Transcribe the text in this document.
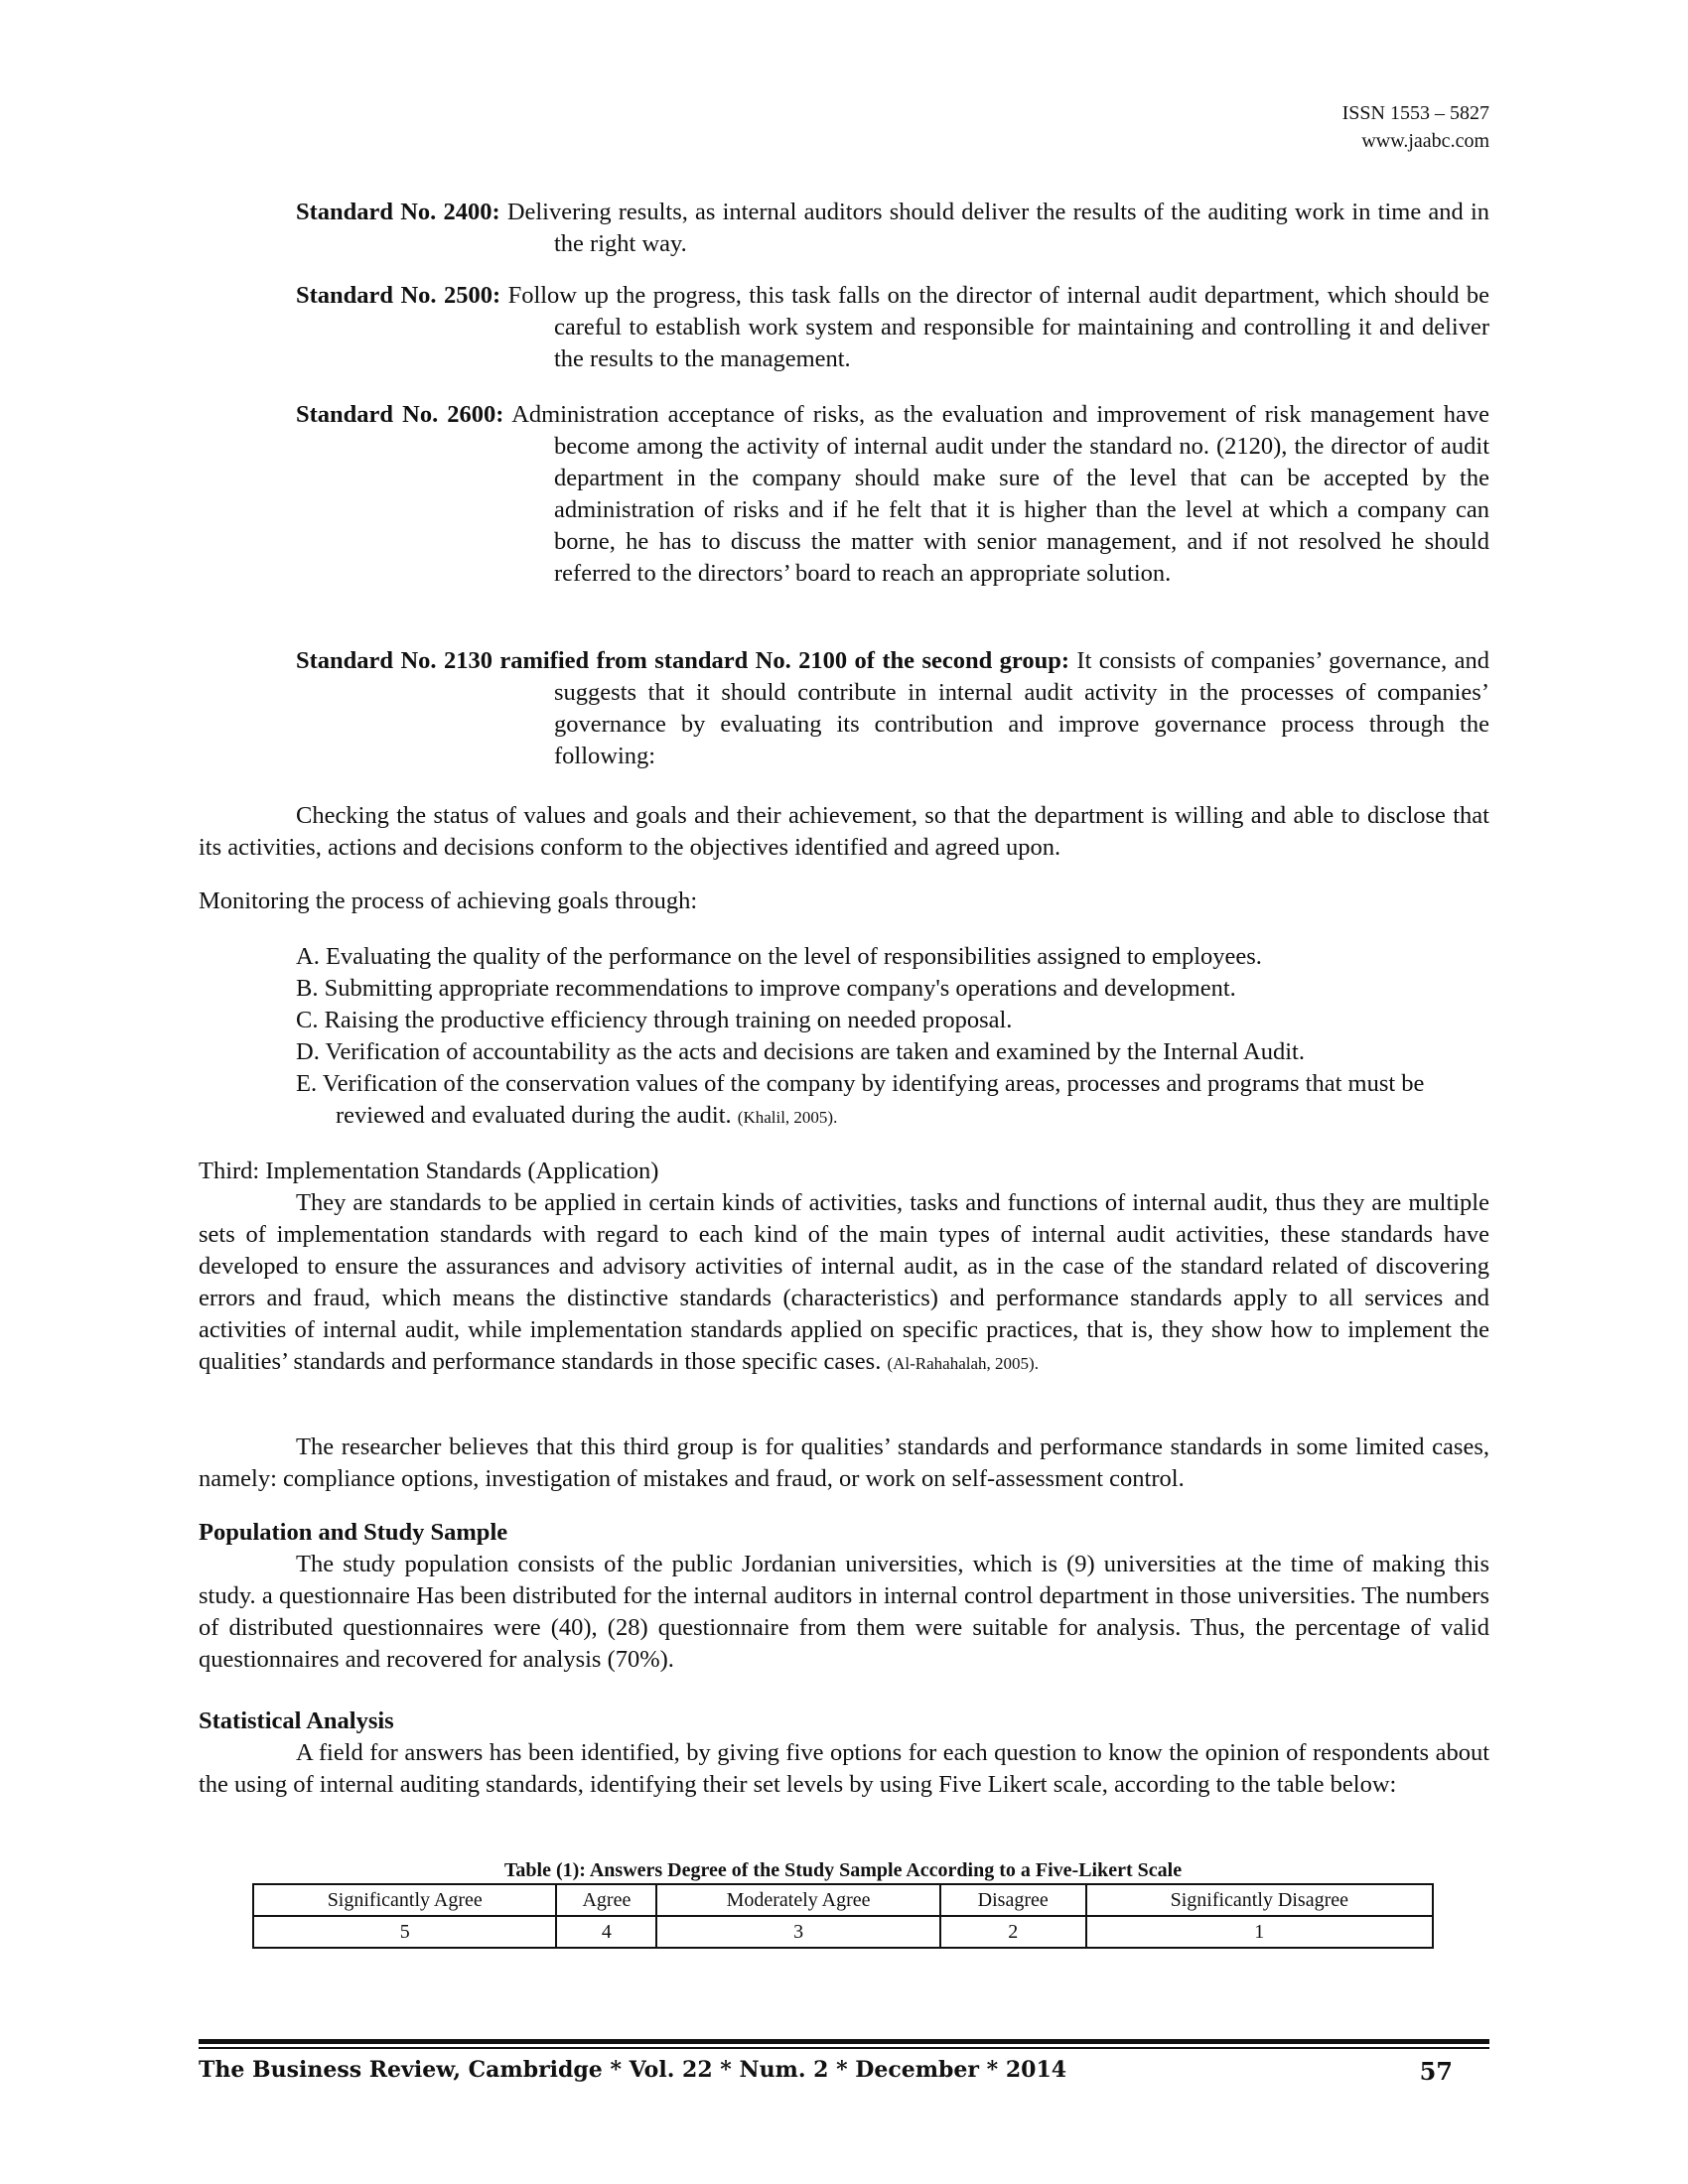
ISSN 1553 – 5827
www.jaabc.com
Standard No. 2400: Delivering results, as internal auditors should deliver the results of the auditing work in time and in the right way.
Standard No. 2500: Follow up the progress, this task falls on the director of internal audit department, which should be careful to establish work system and responsible for maintaining and controlling it and deliver the results to the management.
Standard No. 2600: Administration acceptance of risks, as the evaluation and improvement of risk management have become among the activity of internal audit under the standard no. (2120), the director of audit department in the company should make sure of the level that can be accepted by the administration of risks and if he felt that it is higher than the level at which a company can borne, he has to discuss the matter with senior management, and if not resolved he should referred to the directors’ board to reach an appropriate solution.
Standard No. 2130 ramified from standard No. 2100 of the second group: It consists of companies’ governance, and suggests that it should contribute in internal audit activity in the processes of companies’ governance by evaluating its contribution and improve governance process through the following:
Checking the status of values and goals and their achievement, so that the department is willing and able to disclose that its activities, actions and decisions conform to the objectives identified and agreed upon.
Monitoring the process of achieving goals through:
A. Evaluating the quality of the performance on the level of responsibilities assigned to employees.
B. Submitting appropriate recommendations to improve company's operations and development.
C. Raising the productive efficiency through training on needed proposal.
D. Verification of accountability as the acts and decisions are taken and examined by the Internal Audit.
E. Verification of the conservation values of the company by identifying areas, processes and programs that must be reviewed and evaluated during the audit. (Khalil, 2005).
Third: Implementation Standards (Application)
They are standards to be applied in certain kinds of activities, tasks and functions of internal audit, thus they are multiple sets of implementation standards with regard to each kind of the main types of internal audit activities, these standards have developed to ensure the assurances and advisory activities of internal audit, as in the case of the standard related of discovering errors and fraud, which means the distinctive standards (characteristics) and performance standards apply to all services and activities of internal audit, while implementation standards applied on specific practices, that is, they show how to implement the qualities’ standards and performance standards in those specific cases. (Al-Rahahalah, 2005).
The researcher believes that this third group is for qualities’ standards and performance standards in some limited cases, namely: compliance options, investigation of mistakes and fraud, or work on self-assessment control.
Population and Study Sample
The study population consists of the public Jordanian universities, which is (9) universities at the time of making this study. a questionnaire Has been distributed for the internal auditors in internal control department in those universities. The numbers of distributed questionnaires were (40), (28) questionnaire from them were suitable for analysis. Thus, the percentage of valid questionnaires and recovered for analysis (70%).
Statistical Analysis
A field for answers has been identified, by giving five options for each question to know the opinion of respondents about the using of internal auditing standards, identifying their set levels by using Five Likert scale, according to the table below:
Table (1): Answers Degree of the Study Sample According to a Five-Likert Scale
Significantly Agree	Agree	Moderately Agree	Disagree	Significantly Disagree
5	4	3	2	1
The Business Review, Cambridge * Vol. 22 * Num. 2 * December * 2014	57
